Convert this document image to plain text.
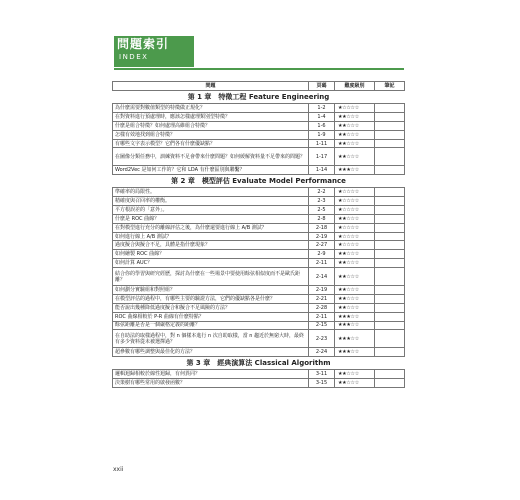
問題索引
INDEX
問題	頁碼	難度級別	筆記
第 1 章　特徵工程 Feature Engineering			
為什麼需要對數值類型的特徵做正規化？	1-2	★☆☆☆☆	
在對資料進行預處理時，應該怎樣處理類別型特徵？	1-4	★★☆☆☆	
什麼是組合特徵？如何處理高維組合特徵？	1-6	★★☆☆☆	
怎樣有效地找到組合特徵？	1-9	★★☆☆☆	
有哪些文字表示模型？它們各有什麼優缺點？	1-11	★★☆☆☆	
在圖像分類任務中，訓練資料不足會帶來什麼問題？如何緩解資料量不足帶來的問題？	1-17	★★☆☆☆	
Word2Vec 是如何工作的？它和 LDA 有什麼區別與聯繫？	1-14	★★★☆☆	
第 2 章　模型評估 Evaluate Model Performance			
準確率的局限性。	2-2	★☆☆☆☆	
精確度與召回率的權衡。	2-3	★☆☆☆☆	
平方根誤差的「意外」。	2-5	★☆☆☆☆	
什麼是 ROC 曲線？	2-8	★★☆☆☆	
在對模型進行充分的離線評估之後，為什麼還要進行線上 A/B 測試？	2-18	★☆☆☆☆	
如何進行線上 A/B 測試？	2-19	★☆☆☆☆	
過度擬合與擬合不足，具體是指什麼現象？	2-27	★☆☆☆☆	
如何繪製 ROC 曲線？	2-9	★★☆☆☆	
如何計算 AUC？	2-11	★★☆☆☆	
結合你的學習與研究經歷，探討為什麼在一些場景中要使用餘弦相似度而不是歐氏距離？	2-14	★★☆☆☆	
如何劃分實驗組和對照組？	2-19	★★☆☆☆	
在模型評估的過程中，有哪些主要的驗證方法，它們的優缺點各是什麼？	2-21	★★☆☆☆	
能否說出幾種降低過度擬合和擬合不足風險的方法？	2-28	★★☆☆☆	
ROC 曲線相較於 P-R 曲線有什麼特點？	2-11	★★★☆☆	
餘弦距離是否是一個嚴格定義的距離？	2-15	★★★☆☆	
在自助法的取樣過程中，對 n 個樣本進行 n 次自助取樣，當 n 趨近於無窮大時，最終有多少資料從未被選擇過？	2-23	★★★☆☆	
超參數有哪些調整與最佳化的方法？	2-24	★★★☆☆	
第 3 章　經典演算法 Classical Algorithm			
邏輯迴歸相較於線性迴歸，有何異同？	3-11	★★☆☆☆	
決策樹有哪些常用的啟發函數？	3-15	★★☆☆☆	
xxii
